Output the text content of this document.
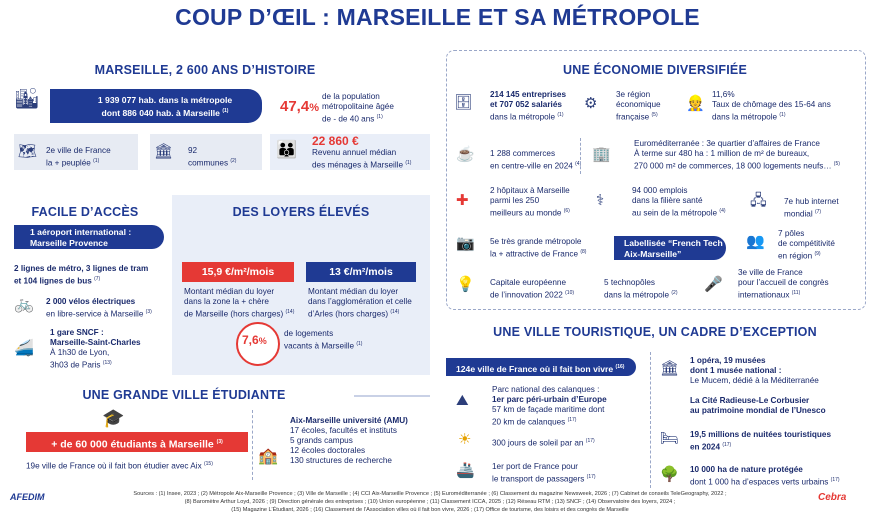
COUP D’ŒIL : MARSEILLE ET SA MÉTROPOLE
MARSEILLE, 2 600 ANS D’HISTOIRE
🏙	1 939 077 hab. dans la métropole
dont 886 040 hab. à Marseille $^{(1)}$	47,4%
de la population
métropolitaine âgée
de - de 40 ans $^{(1)}$
🗺 2e ville de France
la + peuplée $^{(1)}$
🏛 92
communes $^{(2)}$
👪 22 860 €
Revenu annuel médian
des ménages à Marseille $^{(1)}$
FACILE D’ACCÈS
1 aéroport international :
Marseille Provence
2 lignes de métro, 3 lignes de tram
et 104 lignes de bus $^{(7)}$
🚲 2 000 vélos électriques
en libre-service à Marseille $^{(3)}$
🚄
1 gare SNCF :
Marseille-Saint-Charles
À 1h30 de Lyon,
3h03 de Paris $^{(13)}$
DES LOYERS ÉLEVÉS
15,9 €/m²/mois
Montant médian du loyer
dans la zone la + chère
de Marseille (hors charges) $^{(14)}$
13 €/m²/mois
Montant médian du loyer
dans l’agglomération et celle
d’Arles (hors charges) $^{(14)}$
7,6%
de logements
vacants à Marseille $^{(1)}$
UNE GRANDE VILLE ÉTUDIANTE
🎓
+ de 60 000 étudiants à Marseille $^{(3)}$
19e ville de France où il fait bon étudier avec Aix $^{(15)}$	🏫
Aix-Marseille université (AMU)
17 écoles, facultés et instituts
5 grands campus
12 écoles doctorales
130 structures de recherche
UNE ÉCONOMIE DIVERSIFIÉE
🗄 214 145 entreprises
et 707 052 salariés
dans la métropole $^{(1)}$
⚙
3e région
économique
française $^{(5)}$
👷
11,6%
Taux de chômage des 15-64 ans
dans la métropole $^{(1)}$
☕ 1 288 commerces
en centre-ville en 2024 $^{(4)}$
🏢
Euroméditerranée : 3e quartier d’affaires de France
À terme sur 480 ha : 1 million de m² de bureaux,
270 000 m² de commerces, 18 000 logements neufs… $^{(5)}$
✚
2 hôpitaux à Marseille
parmi les 250
meilleurs au monde $^{(6)}$
⚕
94 000 emplois
dans la filière santé
au sein de la métropole $^{(4)}$
🖧 7e hub internet
mondial $^{(7)}$
📷 5e très grande métropole
la + attractive de France $^{(8)}$
Labellisée “French Tech
Aix-Marseille”
👥 7 pôles
de compétitivité
en région $^{(9)}$
💡 Capitale européenne
de l’innovation 2022 $^{(10)}$
5 technopôles
dans la métropole $^{(2)}$ 🎤
3e ville de France
pour l’accueil de congrès
internationaux $^{(11)}$
UNE VILLE TOURISTIQUE, UN CADRE D’EXCEPTION
124e ville de France où il fait bon vivre $^{(16)}$
⛰
Parc national des calanques :
1er parc péri-urbain d’Europe
57 km de façade maritime dont
20 km de calanques $^{(17)}$
☀	300 jours de soleil par an $^{(17)}$
🚢 1er port de France pour
le transport de passagers $^{(17)}$
🏛 1 opéra, 19 musées
dont 1 musée national :
Le Mucem, dédié à la Méditerranée
La Cité Radieuse-Le Corbusier
au patrimoine mondial de l’Unesco
🛏 19,5 millions de nuitées touristiques
en 2024 $^{(17)}$
🌳 10 000 ha de nature protégée
dont 1 000 ha d’espaces verts urbains $^{(17)}$
AFEDIM	Sources : (1) Insee, 2023 ; (2) Métropole Aix-Marseille Provence ; (3) Ville de Marseille ; (4) CCI Aix-Marseille Provence ; (5) Euroméditerranée ; (6) Classement du magazine Newsweek, 2026 ; (7) Cabinet de conseils TeleGeography, 2022 ;
(8) Baromètre Arthur Loyd, 2026 ; (9) Direction générale des entreprises ; (10) Union européenne ; (11) Classement ICCA, 2025 ; (12) Réseau RTM ; (13) SNCF ; (14) Observatoire des loyers, 2024 ;
(15) Magazine L’Étudiant, 2026 ; (16) Classement de l’Association villes où il fait bon vivre, 2026 ; (17) Office de tourisme, des loisirs et des congrès de Marseille
Cebra
